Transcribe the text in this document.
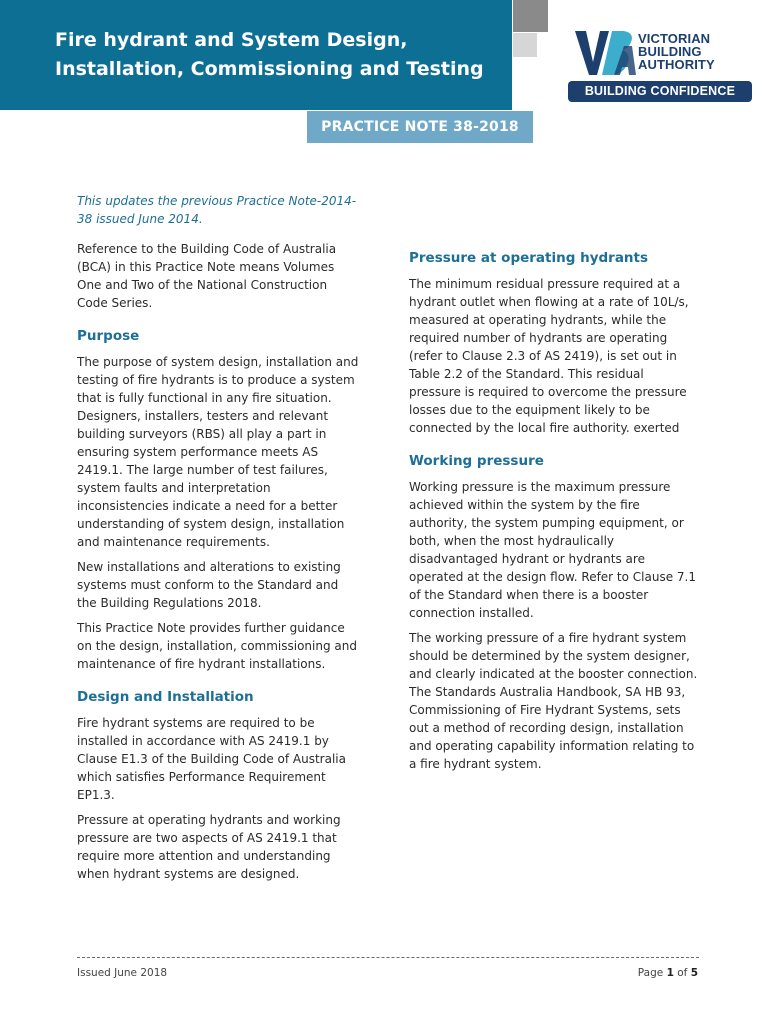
Fire hydrant and System Design,
Installation, Commissioning and Testing
PRACTICE NOTE 38-2018
VICTORIAN
BUILDING
AUTHORITY
BUILDING CONFIDENCE

This updates the previous Practice Note-2014-38 issued June 2014.

Reference to the Building Code of Australia (BCA) in this Practice Note means Volumes One and Two of the National Construction Code Series.

Purpose

The purpose of system design, installation and testing of fire hydrants is to produce a system that is fully functional in any fire situation. Designers, installers, testers and relevant building surveyors (RBS) all play a part in ensuring system performance meets AS 2419.1. The large number of test failures, system faults and interpretation inconsistencies indicate a need for a better understanding of system design, installation and maintenance requirements.

New installations and alterations to existing systems must conform to the Standard and the Building Regulations 2018.

This Practice Note provides further guidance on the design, installation, commissioning and maintenance of fire hydrant installations.

Design and Installation

Fire hydrant systems are required to be installed in accordance with AS 2419.1 by Clause E1.3 of the Building Code of Australia which satisfies Performance Requirement EP1.3.

Pressure at operating hydrants and working pressure are two aspects of AS 2419.1 that require more attention and understanding when hydrant systems are designed.

Pressure at operating hydrants

The minimum residual pressure required at a hydrant outlet when flowing at a rate of 10L/s, measured at operating hydrants, while the required number of hydrants are operating (refer to Clause 2.3 of AS 2419), is set out in Table 2.2 of the Standard. This residual pressure is required to overcome the pressure losses due to the equipment likely to be connected by the local fire authority. exerted

Working pressure

Working pressure is the maximum pressure achieved within the system by the fire authority, the system pumping equipment, or both, when the most hydraulically disadvantaged hydrant or hydrants are operated at the design flow. Refer to Clause 7.1 of the Standard when there is a booster connection installed.

The working pressure of a fire hydrant system should be determined by the system designer, and clearly indicated at the booster connection. The Standards Australia Handbook, SA HB 93, Commissioning of Fire Hydrant Systems, sets out a method of recording design, installation and operating capability information relating to a fire hydrant system.

Issued June 2018	Page 1 of 5
